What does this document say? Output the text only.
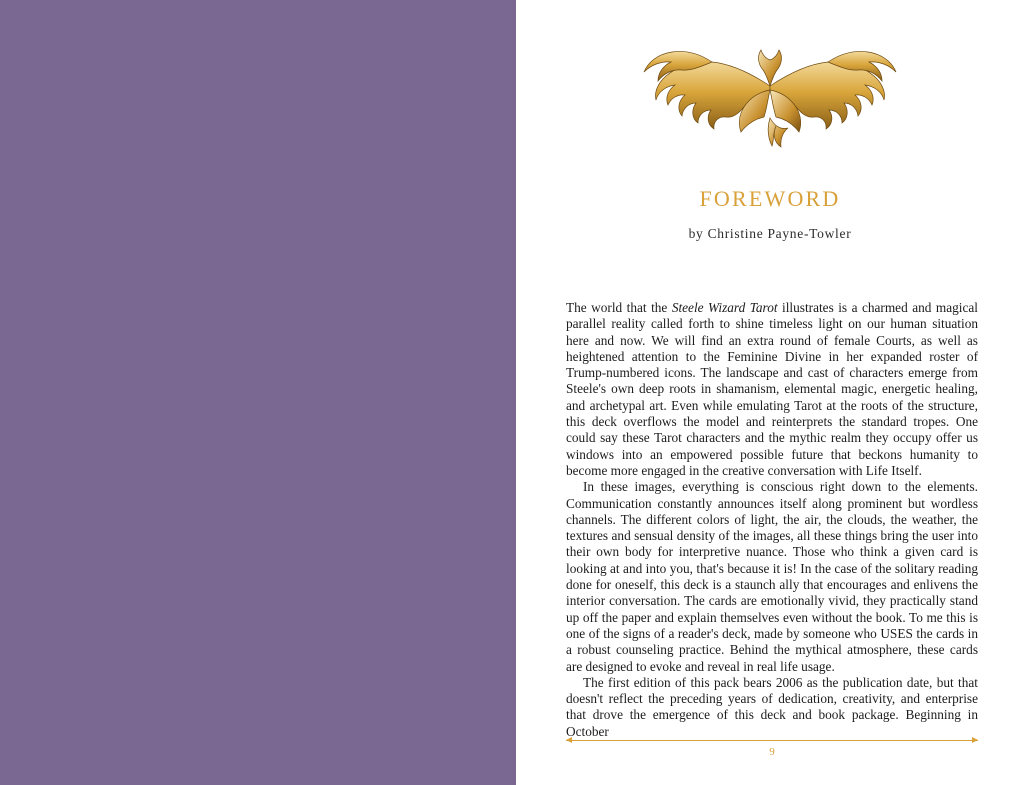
FOREWORD
by Christine Payne-Towler

The world that the Steele Wizard Tarot illustrates is a charmed and magical parallel reality called forth to shine timeless light on our human situation here and now. We will find an extra round of female Courts, as well as heightened attention to the Feminine Divine in her expanded roster of Trump-numbered icons. The landscape and cast of characters emerge from Steele's own deep roots in shamanism, elemental magic, energetic healing, and archetypal art. Even while emulating Tarot at the roots of the structure, this deck overflows the model and reinterprets the standard tropes. One could say these Tarot characters and the mythic realm they occupy offer us windows into an empowered possible future that beckons humanity to become more engaged in the creative conversation with Life Itself.

In these images, everything is conscious right down to the elements. Communication constantly announces itself along prominent but wordless channels. The different colors of light, the air, the clouds, the weather, the textures and sensual density of the images, all these things bring the user into their own body for interpretive nuance. Those who think a given card is looking at and into you, that's because it is! In the case of the solitary reading done for oneself, this deck is a staunch ally that encourages and enlivens the interior conversation. The cards are emotionally vivid, they practically stand up off the paper and explain themselves even without the book. To me this is one of the signs of a reader's deck, made by someone who USES the cards in a robust counseling practice. Behind the mythical atmosphere, these cards are designed to evoke and reveal in real life usage.

The first edition of this pack bears 2006 as the publication date, but that doesn't reflect the preceding years of dedication, creativity, and enterprise that drove the emergence of this deck and book package. Beginning in October

9
